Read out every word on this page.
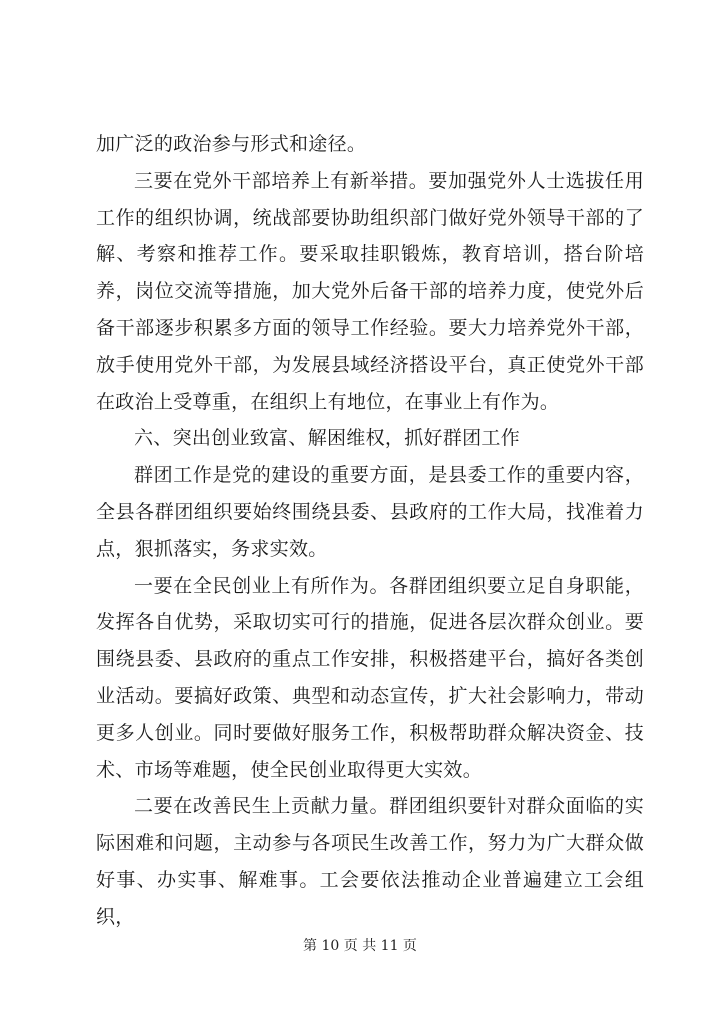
加广泛的政治参与形式和途径。

三要在党外干部培养上有新举措。要加强党外人士选拔任用工作的组织协调，统战部要协助组织部门做好党外领导干部的了解、考察和推荐工作。要采取挂职锻炼，教育培训，搭台阶培养，岗位交流等措施，加大党外后备干部的培养力度，使党外后备干部逐步积累多方面的领导工作经验。要大力培养党外干部，放手使用党外干部，为发展县域经济搭设平台，真正使党外干部在政治上受尊重，在组织上有地位，在事业上有作为。

六、突出创业致富、解困维权，抓好群团工作

群团工作是党的建设的重要方面，是县委工作的重要内容，全县各群团组织要始终围绕县委、县政府的工作大局，找准着力点，狠抓落实，务求实效。

一要在全民创业上有所作为。各群团组织要立足自身职能，发挥各自优势，采取切实可行的措施，促进各层次群众创业。要围绕县委、县政府的重点工作安排，积极搭建平台，搞好各类创业活动。要搞好政策、典型和动态宣传，扩大社会影响力，带动更多人创业。同时要做好服务工作，积极帮助群众解决资金、技术、市场等难题，使全民创业取得更大实效。

二要在改善民生上贡献力量。群团组织要针对群众面临的实际困难和问题，主动参与各项民生改善工作，努力为广大群众做好事、办实事、解难事。工会要依法推动企业普遍建立工会组织，

第 10 页 共 11 页
